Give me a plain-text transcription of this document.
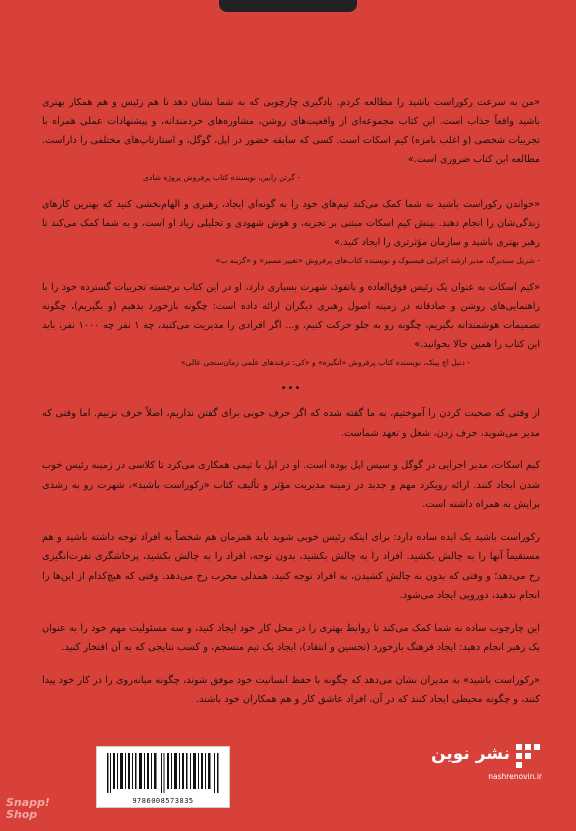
«من به سرعت رکوراست باشید را مطالعه کردم. یادگیری چارچوبی که به شما نشان دهد تا هم رئیس و هم همکار بهتری باشید واقعاً جذاب است. این کتاب مجموعه‌ای از واقعیت‌های روشن، مشاوره‌های خردمندانه، و پیشنهادات عملی همراه با تجربیات شخصی (و اغلب بامزه) کیم اسکات است. کسی که سابقه حضور در اپل، گوگل، و استارتاپ‌های مختلفی را داراست. مطالعه این کتاب ضروری است.»

- گرتن رابین، نویسنده کتاب پرفروش پروژه شادی

«خواندن رکوراست باشید به شما کمک می‌کند تیم‌های خود را به گونه‌ای ایجاد، رهبری و الهام‌بخشی کنید که بهترین کارهای زندگی‌شان را انجام دهند. بینش کیم اسکات مبتنی بر تجربه، و هوش شهودی و تحلیلی زیاد او است، و به شما کمک می‌کند تا رهبر بهتری باشید و سازمان مؤثرتری را ایجاد کنید.»

- شریل سندبرگ، مدیر ارشد اجرایی فیسبوک و نویسنده کتاب‌های پرفروش «تغییر مسیر» و «گزینه ب»

«کیم اسکات به عنوان یک رئیس فوق‌العاده و باتفوذ، شهرت بسیاری دارد، او در این کتاب برجسته تجربیات گسترده خود را با راهنمایی‌های روشن و صادقانه در زمینه اصول رهبری دیگران ارائه داده است: چگونه بازخورد بدهیم (و بگیریم)، چگونه تصمیمات هوشمندانه بگیریم، چگونه رو به جلو حرکت کنیم، و... اگر افرادی را مدیریت می‌کنید، چه ۱ نفر چه ۱۰۰۰ نفر، باید این کتاب را همین حالا بخوانید.»

- دنیل اچ پینک، نویسنده کتاب پرفروش «انگیزه» و «کی: ترفندهای علمی زمان‌سنجی عالی»
•••

از وقتی که صحبت کردن را آموختیم، به ما گفته شده که اگر حرف خوبی برای گفتن نداریم، اصلاً حرف نزنیم. اما وقتی که مدیر می‌شوید، حرف زدن، شغل و تعهد شماست.

کیم اسکات، مدیر اجرایی در گوگل و سپس اپل بوده است. او در اپل با تیمی همکاری می‌کرد تا کلاسی در زمینه رئیس خوب شدن ایجاد کنند. ارائه رویکرد مهم و جدید در زمینه مدیریت مؤثر و تألیف کتاب «رکوراست باشید»، شهرت رو به رشدی برایش به همراه داشته است.

رکوراست باشید یک ایده ساده دارد: برای اینکه رئیس خوبی شوید باید همزمان هم شخصاً به افراد توجه داشته باشید و هم مستقیماً آنها را به چالش بکشید. افراد را به چالش بکشید، بدون توجه، افراد را به چالش بکشید، پرخاشگری نفرت‌انگیزی رخ می‌دهد؛ و وقتی که بدون به چالش کشیدن، به افراد توجه کنید، همدلی مخرب رخ می‌دهد. وقتی که هیچ‌کدام از این‌ها را انجام ندهید، دورویی ایجاد می‌شود.

این چارچوب ساده به شما کمک می‌کند تا روابط بهتری را در محل کار خود ایجاد کنید، و سه مسئولیت مهم خود را به عنوان یک رهبر انجام دهید: ایجاد فرهنگ بازخورد (تحسین و انتقاد)، ایجاد یک تیم منسجم، و کسب نتایجی که به آن افتخار کنید.

«رکوراست باشید» به مدیران نشان می‌دهد که چگونه با حفظ انسانیت خود موفق شوند، چگونه میانه‌روی را در کار خود پیدا کنند، و چگونه محیطی ایجاد کنند که در آن، افراد عاشق کار و هم همکاران خود باشند.

9786008573835
نشر نوین
nashrenovin.ir
Snapp!
Shop
